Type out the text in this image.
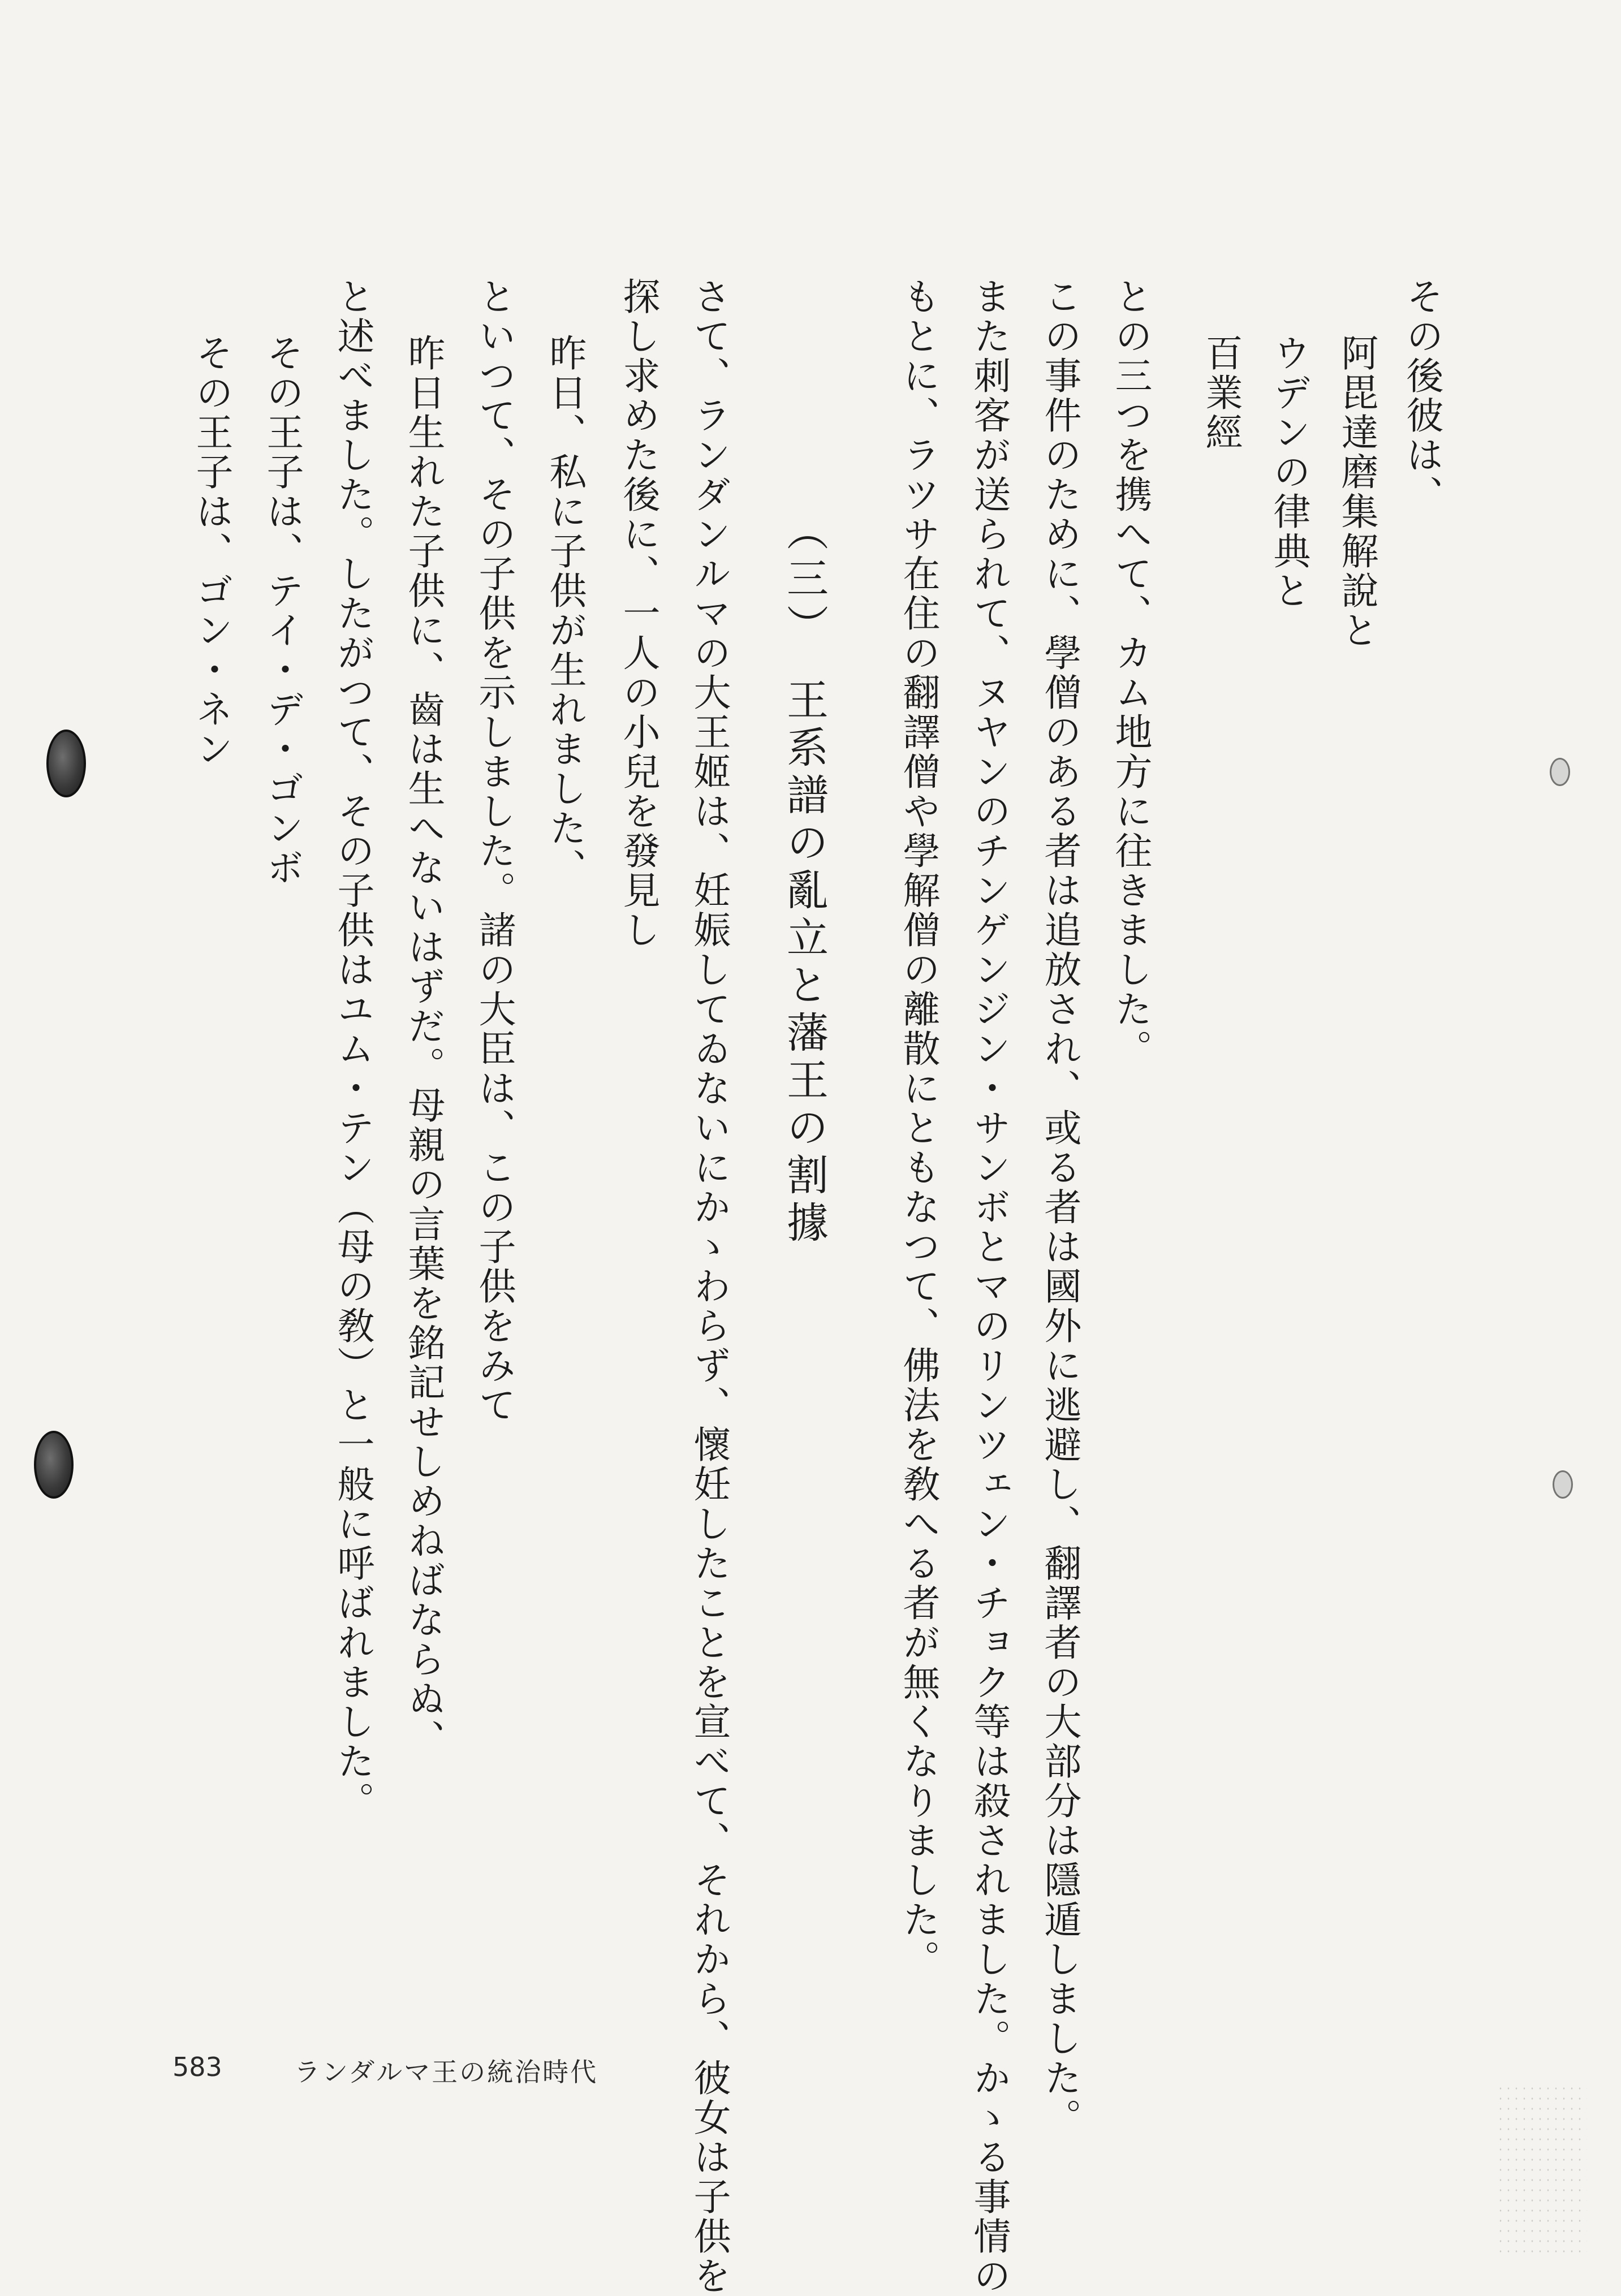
その後彼は、
阿毘達磨集解說と
ウデンの律典と
百業經
との三つを携へて、カム地方に往きました。
この事件のために、學僧のある者は追放され、或る者は國外に逃避し、翻譯者の大部分は隱遁しました。
また刺客が送られて、ヌヤンのチンゲンジン・サンボとマのリンツェン・チョク等は殺されました。かゝる事情の
もとに、ラツサ在住の翻譯僧や學解僧の離散にともなつて、佛法を敎へる者が無くなりました。
（三）　王系譜の亂立と藩王の割據
さて、ランダンルマの大王姬は、妊娠してゐないにかゝわらず、懷妊したことを宣べて、それから、彼女は子供を
探し求めた後に、一人の小兒を發見し
昨日、私に子供が生れました、
といつて、その子供を示しました。諸の大臣は、この子供をみて
昨日生れた子供に、齒は生へないはずだ。母親の言葉を銘記せしめねばならぬ、
と述べました。したがつて、その子供はユム・テン（母の敎）と一般に呼ばれました。
その王子は、テイ・デ・ゴンボ
その王子は、ゴン・ネン
583	ランダルマ王の統治時代
